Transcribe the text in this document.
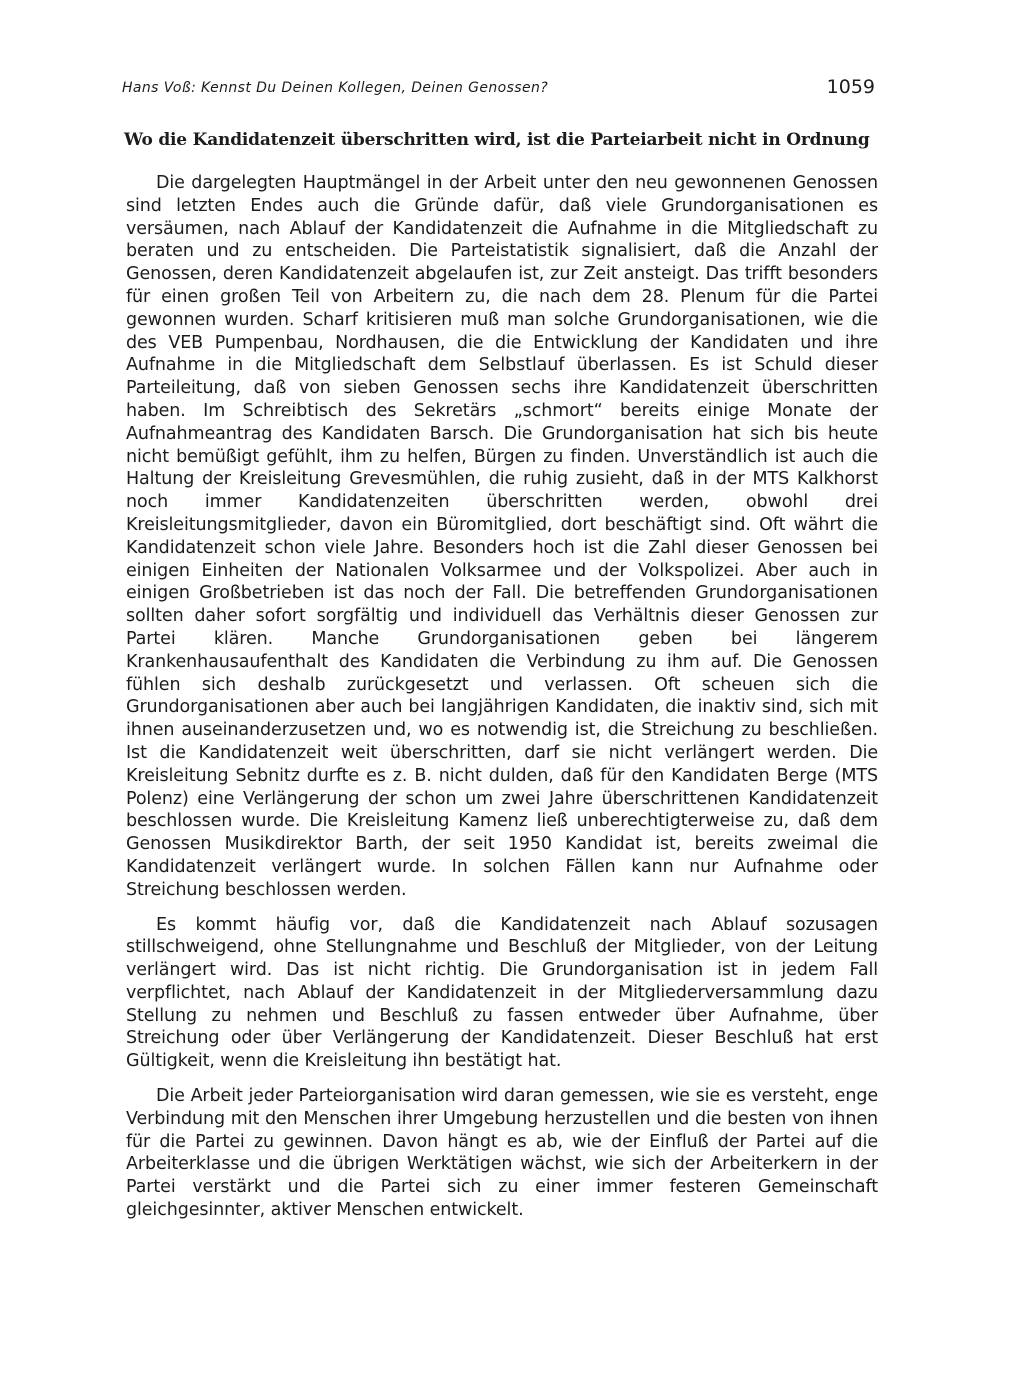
Hans Voß: Kennst Du Deinen Kollegen, Deinen Genossen?	1059
Wo die Kandidatenzeit überschritten wird, ist die Parteiarbeit nicht in Ordnung

Die dargelegten Hauptmängel in der Arbeit unter den neu gewonnenen Genossen sind letzten Endes auch die Gründe dafür, daß viele Grundorganisationen es versäumen, nach Ablauf der Kandidatenzeit die Aufnahme in die Mitgliedschaft zu beraten und zu entscheiden. Die Parteistatistik signalisiert, daß die Anzahl der Genossen, deren Kandidatenzeit abgelaufen ist, zur Zeit ansteigt. Das trifft besonders für einen großen Teil von Arbeitern zu, die nach dem 28. Plenum für die Partei gewonnen wurden. Scharf kritisieren muß man solche Grundorganisationen, wie die des VEB Pumpenbau, Nordhausen, die die Entwicklung der Kandidaten und ihre Aufnahme in die Mitgliedschaft dem Selbstlauf überlassen. Es ist Schuld dieser Parteileitung, daß von sieben Genossen sechs ihre Kandidatenzeit überschritten haben. Im Schreibtisch des Sekretärs „schmort“ bereits einige Monate der Aufnahmeantrag des Kandidaten Barsch. Die Grundorganisation hat sich bis heute nicht bemüßigt gefühlt, ihm zu helfen, Bürgen zu finden. Unverständlich ist auch die Haltung der Kreisleitung Grevesmühlen, die ruhig zusieht, daß in der MTS Kalkhorst noch immer Kandidatenzeiten überschritten werden, obwohl drei Kreisleitungsmitglieder, davon ein Büromitglied, dort beschäftigt sind. Oft währt die Kandidatenzeit schon viele Jahre. Besonders hoch ist die Zahl dieser Genossen bei einigen Einheiten der Nationalen Volksarmee und der Volkspolizei. Aber auch in einigen Großbetrieben ist das noch der Fall. Die betreffenden Grundorganisationen sollten daher sofort sorgfältig und individuell das Verhältnis dieser Genossen zur Partei klären. Manche Grundorganisationen geben bei längerem Krankenhausaufenthalt des Kandidaten die Verbindung zu ihm auf. Die Genossen fühlen sich deshalb zurückgesetzt und verlassen. Oft scheuen sich die Grundorganisationen aber auch bei langjährigen Kandidaten, die inaktiv sind, sich mit ihnen auseinanderzusetzen und, wo es notwendig ist, die Streichung zu beschließen. Ist die Kandidatenzeit weit überschritten, darf sie nicht verlängert werden. Die Kreisleitung Sebnitz durfte es z. B. nicht dulden, daß für den Kandidaten Berge (MTS Polenz) eine Verlängerung der schon um zwei Jahre überschrittenen Kandidatenzeit beschlossen wurde. Die Kreisleitung Kamenz ließ unberechtigterweise zu, daß dem Genossen Musikdirektor Barth, der seit 1950 Kandidat ist, bereits zweimal die Kandidatenzeit verlängert wurde. In solchen Fällen kann nur Aufnahme oder Streichung beschlossen werden.

Es kommt häufig vor, daß die Kandidatenzeit nach Ablauf sozusagen stillschweigend, ohne Stellungnahme und Beschluß der Mitglieder, von der Leitung verlängert wird. Das ist nicht richtig. Die Grundorganisation ist in jedem Fall verpflichtet, nach Ablauf der Kandidatenzeit in der Mitgliederversammlung dazu Stellung zu nehmen und Beschluß zu fassen entweder über Aufnahme, über Streichung oder über Verlängerung der Kandidatenzeit. Dieser Beschluß hat erst Gültigkeit, wenn die Kreisleitung ihn bestätigt hat.

Die Arbeit jeder Parteiorganisation wird daran gemessen, wie sie es versteht, enge Verbindung mit den Menschen ihrer Umgebung herzustellen und die besten von ihnen für die Partei zu gewinnen. Davon hängt es ab, wie der Einfluß der Partei auf die Arbeiterklasse und die übrigen Werktätigen wächst, wie sich der Arbeiterkern in der Partei verstärkt und die Partei sich zu einer immer festeren Gemeinschaft gleichgesinnter, aktiver Menschen entwickelt.
